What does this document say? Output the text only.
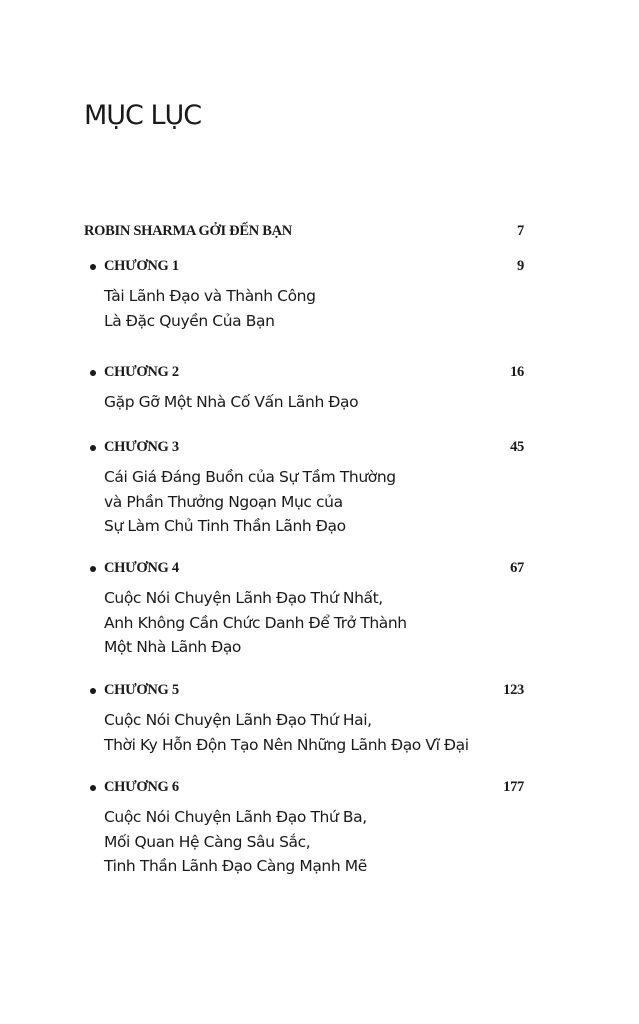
MỤC LỤC
ROBIN SHARMA GỞI ĐẾN BẠN	7
CHƯƠNG 1	9
Tài Lãnh Đạo và Thành Công
Là Đặc Quyền Của Bạn
CHƯƠNG 2	16
Gặp Gỡ Một Nhà Cố Vấn Lãnh Đạo
CHƯƠNG 3	45
Cái Giá Đáng Buồn của Sự Tầm Thường
và Phần Thưởng Ngoạn Mục của
Sự Làm Chủ Tinh Thần Lãnh Đạo
CHƯƠNG 4	67
Cuộc Nói Chuyện Lãnh Đạo Thứ Nhất,
Anh Không Cần Chức Danh Để Trở Thành
Một Nhà Lãnh Đạo
CHƯƠNG 5	123
Cuộc Nói Chuyện Lãnh Đạo Thứ Hai,
Thời Ky Hỗn Độn Tạo Nên Những Lãnh Đạo Vĩ Đại
CHƯƠNG 6	177
Cuộc Nói Chuyện Lãnh Đạo Thứ Ba,
Mối Quan Hệ Càng Sâu Sắc,
Tinh Thần Lãnh Đạo Càng Mạnh Mẽ
